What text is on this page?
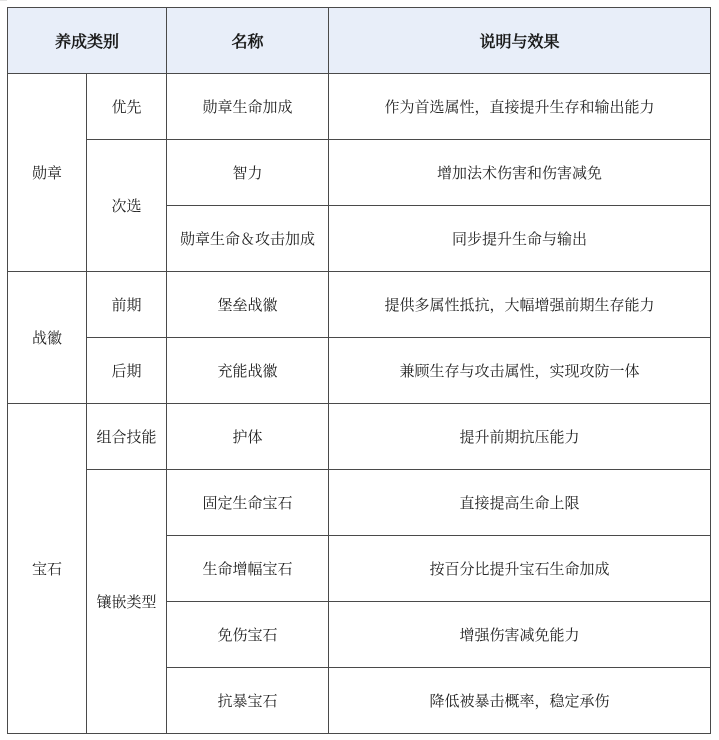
养成类别		名称	说明与效果
勋章	优先	勋章生命加成	作为首选属性，直接提升生存和输出能力
	次选	智力	增加法术伤害和伤害减免
		勋章生命＆攻击加成	同步提升生命与输出
战徽	前期	堡垒战徽	提供多属性抵抗，大幅增强前期生存能力
	后期	充能战徽	兼顾生存与攻击属性，实现攻防一体
宝石	组合技能	护体	提升前期抗压能力
	镶嵌类型	固定生命宝石	直接提高生命上限
		生命增幅宝石	按百分比提升宝石生命加成
		免伤宝石	增强伤害减免能力
		抗暴宝石	降低被暴击概率，稳定承伤
